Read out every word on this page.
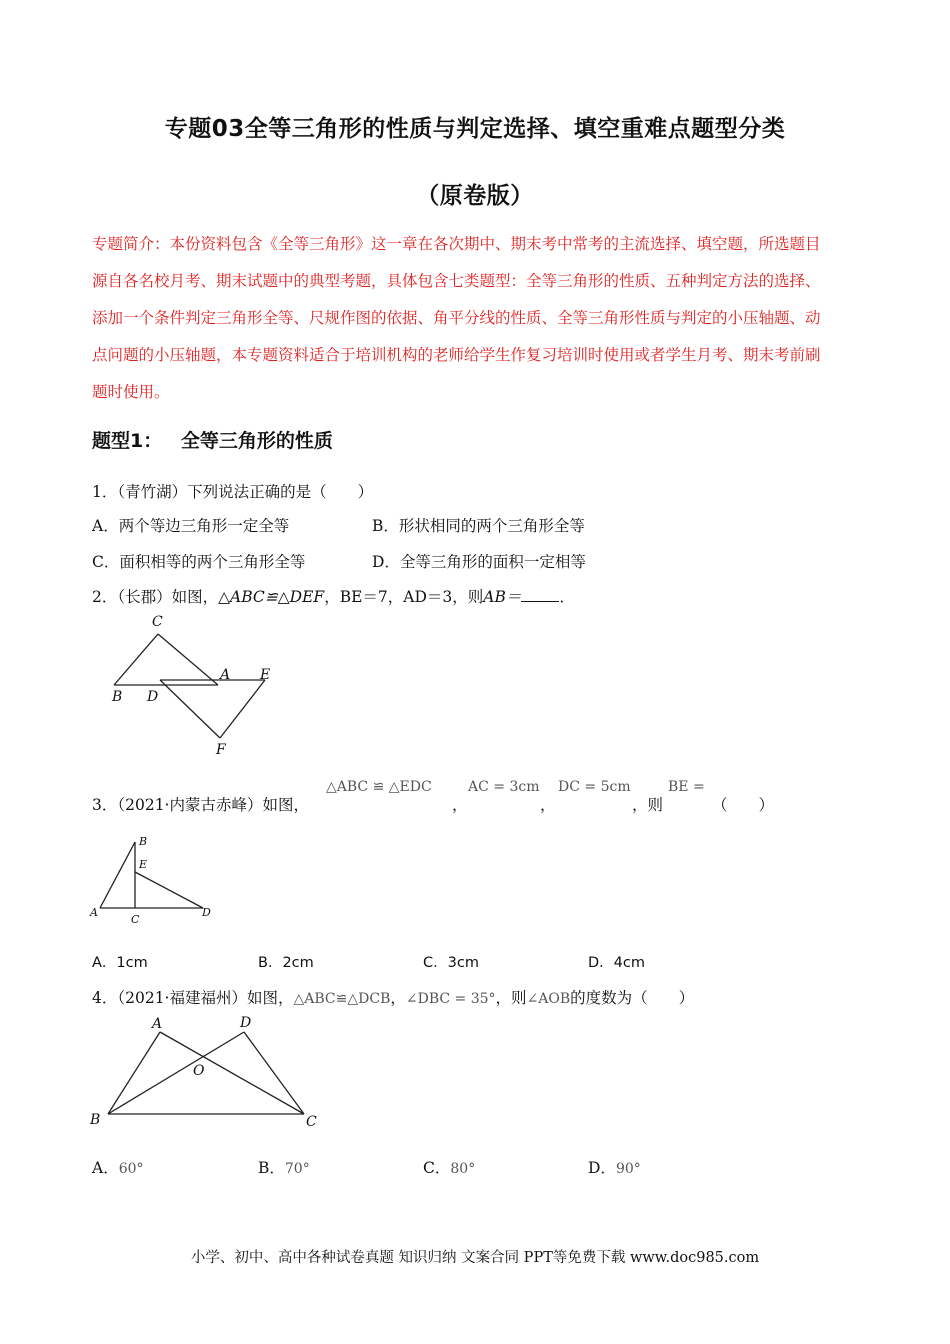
专题03全等三角形的性质与判定选择、填空重难点题型分类
（原卷版）
专题简介：本份资料包含《全等三角形》这一章在各次期中、期末考中常考的主流选择、填空题，所选题目
源自各名校月考、期末试题中的典型考题，具体包含七类题型：全等三角形的性质、五种判定方法的选择、
添加一个条件判定三角形全等、尺规作图的依据、角平分线的性质、全等三角形性质与判定的小压轴题、动
点问题的小压轴题，本专题资料适合于培训机构的老师给学生作复习培训时使用或者学生月考、期末考前刷
题时使用。
题型1： 全等三角形的性质
1．（青竹湖）下列说法正确的是（　　）
A．两个等边三角形一定全等	B．形状相同的两个三角形全等
C．面积相等的两个三角形全等	D．全等三角形的面积一定相等
2．（长郡）如图，△ABC≌△DEF，BE＝7，AD＝3，则AB＝ ．
C
A E
B D
F
3．（2021·内蒙古赤峰）如图，
△ABC ≌ △EDC
，
AC = 3cm
，
DC = 5cm
，则
BE =
（　　）
B
E
A
C
D
A．1cm	B．2cm	C．3cm	D．4cm
4．（2021·福建福州）如图，△ABC≌△DCB，∠DBC = 35°，则∠AOB的度数为（　　）
A	D
O
B	C
A．60°	B．70°	C．80°	D．90°
小学、初中、高中各种试卷真题 知识归纳 文案合同 PPT等免费下载 www.doc985.com
